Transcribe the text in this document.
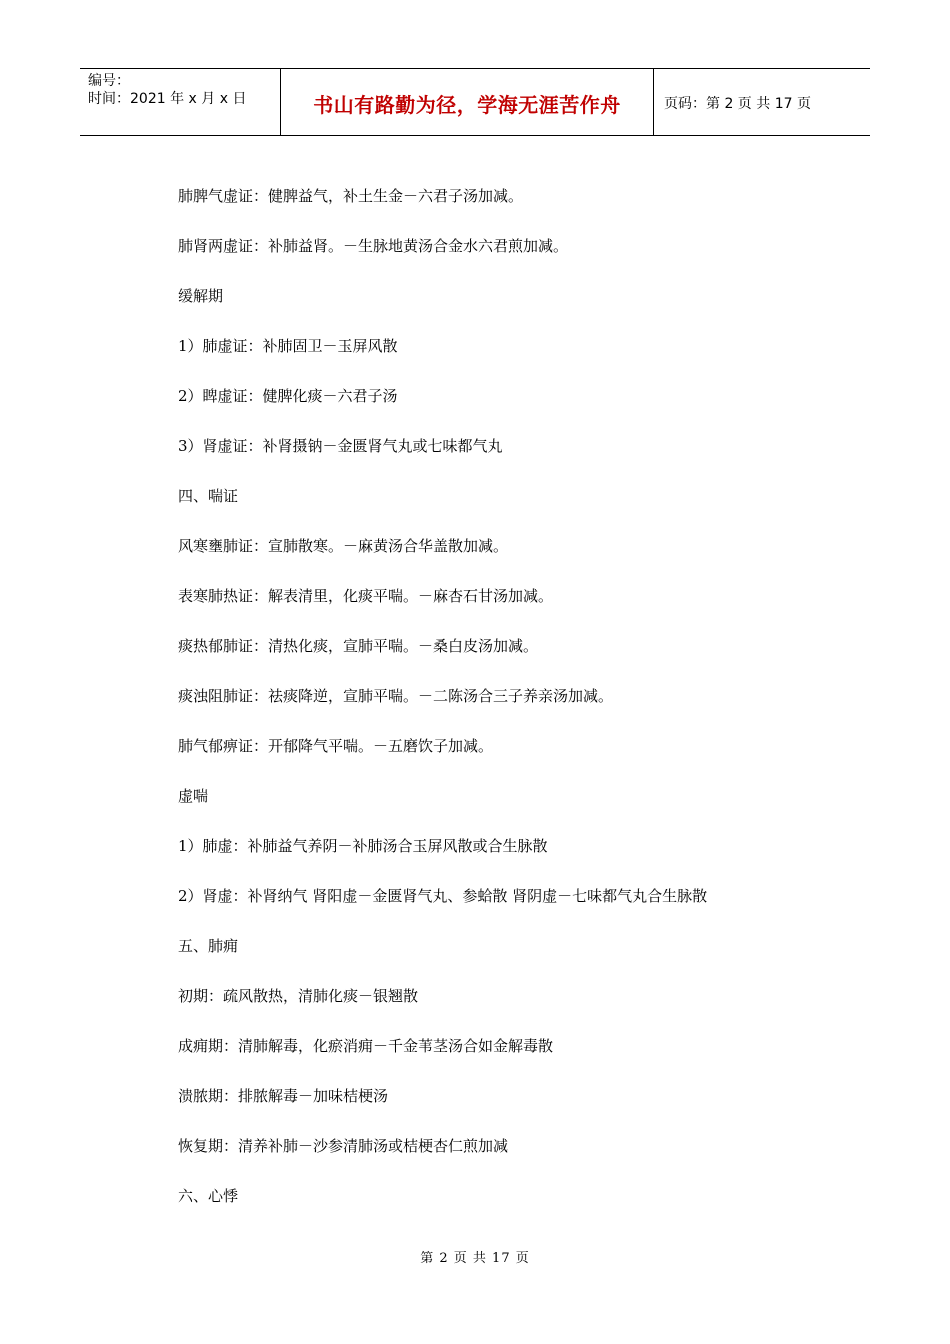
编号：
时间：2021 年 x 月 x 日	书山有路勤为径，学海无涯苦作舟	页码：第 2 页 共 17 页
肺脾气虚证：健脾益气，补土生金－六君子汤加减。
肺肾两虚证：补肺益肾。－生脉地黄汤合金水六君煎加减。
缓解期
1）肺虚证：补肺固卫－玉屏风散
2）睥虚证：健脾化痰－六君子汤
3）肾虚证：补肾摄钠－金匮肾气丸或七味都气丸
四、喘证
风寒壅肺证：宣肺散寒。－麻黄汤合华盖散加减。
表寒肺热证：解表清里，化痰平喘。－麻杏石甘汤加减。
痰热郁肺证：清热化痰，宣肺平喘。－桑白皮汤加减。
痰浊阻肺证：祛痰降逆，宣肺平喘。－二陈汤合三子养亲汤加减。
肺气郁痹证：开郁降气平喘。－五磨饮子加减。
虚喘
1）肺虚：补肺益气养阴－补肺汤合玉屏风散或合生脉散
2）肾虚：补肾纳气 肾阳虚－金匮肾气丸、参蛤散 肾阴虚－七味都气丸合生脉散
五、肺痈
初期：疏风散热，清肺化痰－银翘散
成痈期：清肺解毒，化瘀消痈－千金苇茎汤合如金解毒散
溃脓期：排脓解毒－加味桔梗汤
恢复期：清养补肺－沙参清肺汤或桔梗杏仁煎加减
六、心悸
第 2 页 共 17 页
